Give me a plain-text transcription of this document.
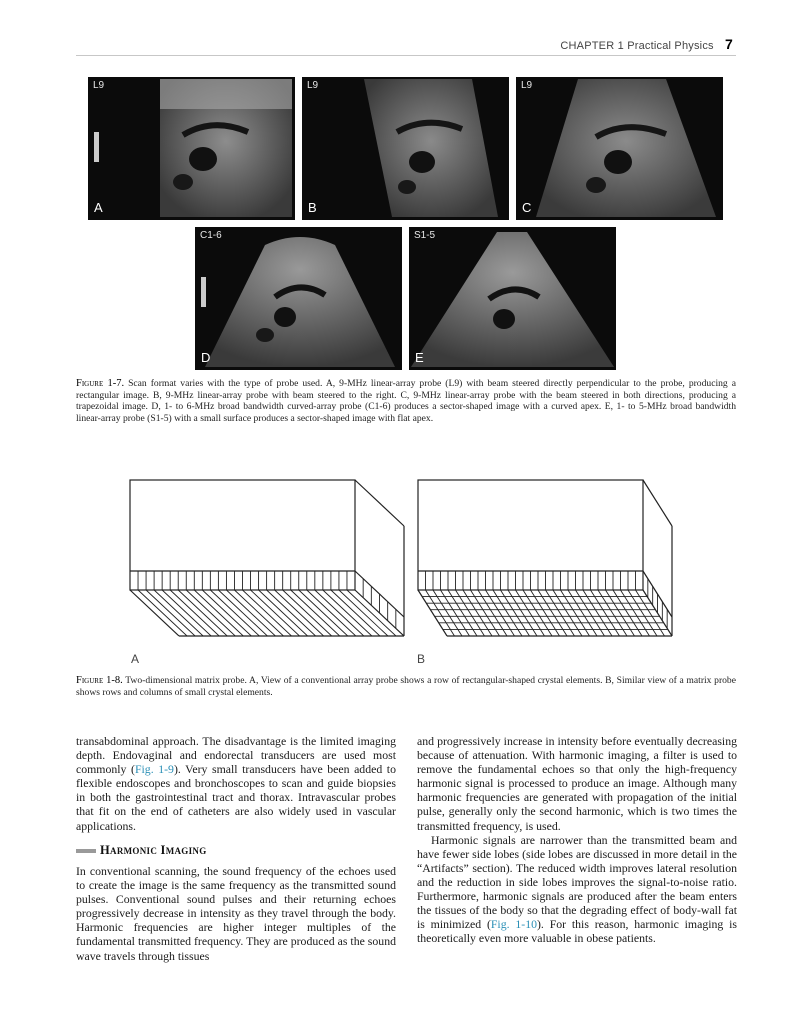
CHAPTER 1 Practical Physics 7
L9
A
L9
B
L9
C
C1-6
D
S1-5
E
Figure 1-7. Scan format varies with the type of probe used. A, 9-MHz linear-array probe (L9) with beam steered directly perpendicular to the probe, producing a rectangular image. B, 9-MHz linear-array probe with beam steered to the right. C, 9-MHz linear-array probe with the beam steered in both directions, producing a trapezoidal image. D, 1- to 6-MHz broad bandwidth curved-array probe (C1-6) produces a sector-shaped image with a curved apex. E, 1- to 5-MHz broad bandwidth linear-array probe (S1-5) with a small surface produces a sector-shaped image with flat apex.
A	B
Figure 1-8. Two-dimensional matrix probe. A, View of a conventional array probe shows a row of rectangular-shaped crystal elements. B, Similar view of a matrix probe shows rows and columns of small crystal elements.

transabdominal approach. The disadvantage is the limited imaging depth. Endovaginal and endorectal transducers are used most commonly (Fig. 1-9). Very small transducers have been added to flexible endoscopes and bronchoscopes to scan and guide biopsies in both the gastrointestinal tract and thorax. Intravascular probes that fit on the end of catheters are also widely used in vascular applications.

Harmonic Imaging

In conventional scanning, the sound frequency of the echoes used to create the image is the same frequency as the transmitted sound pulses. Conventional sound pulses and their returning echoes progressively decrease in intensity as they travel through the body. Harmonic frequencies are higher integer multiples of the fundamental transmitted frequency. They are produced as the sound wave travels through tissues

and progressively increase in intensity before eventually decreasing because of attenuation. With harmonic imaging, a filter is used to remove the fundamental echoes so that only the high-frequency harmonic signal is processed to produce an image. Although many harmonic frequencies are generated with propagation of the initial pulse, generally only the second harmonic, which is two times the transmitted frequency, is used.

Harmonic signals are narrower than the transmitted beam and have fewer side lobes (side lobes are discussed in more detail in the “Artifacts” section). The reduced width improves lateral resolution and the reduction in side lobes improves the signal-to-noise ratio. Furthermore, harmonic signals are produced after the beam enters the tissues of the body so that the degrading effect of body-wall fat is minimized (Fig. 1-10). For this reason, harmonic imaging is theoretically even more valuable in obese patients.
